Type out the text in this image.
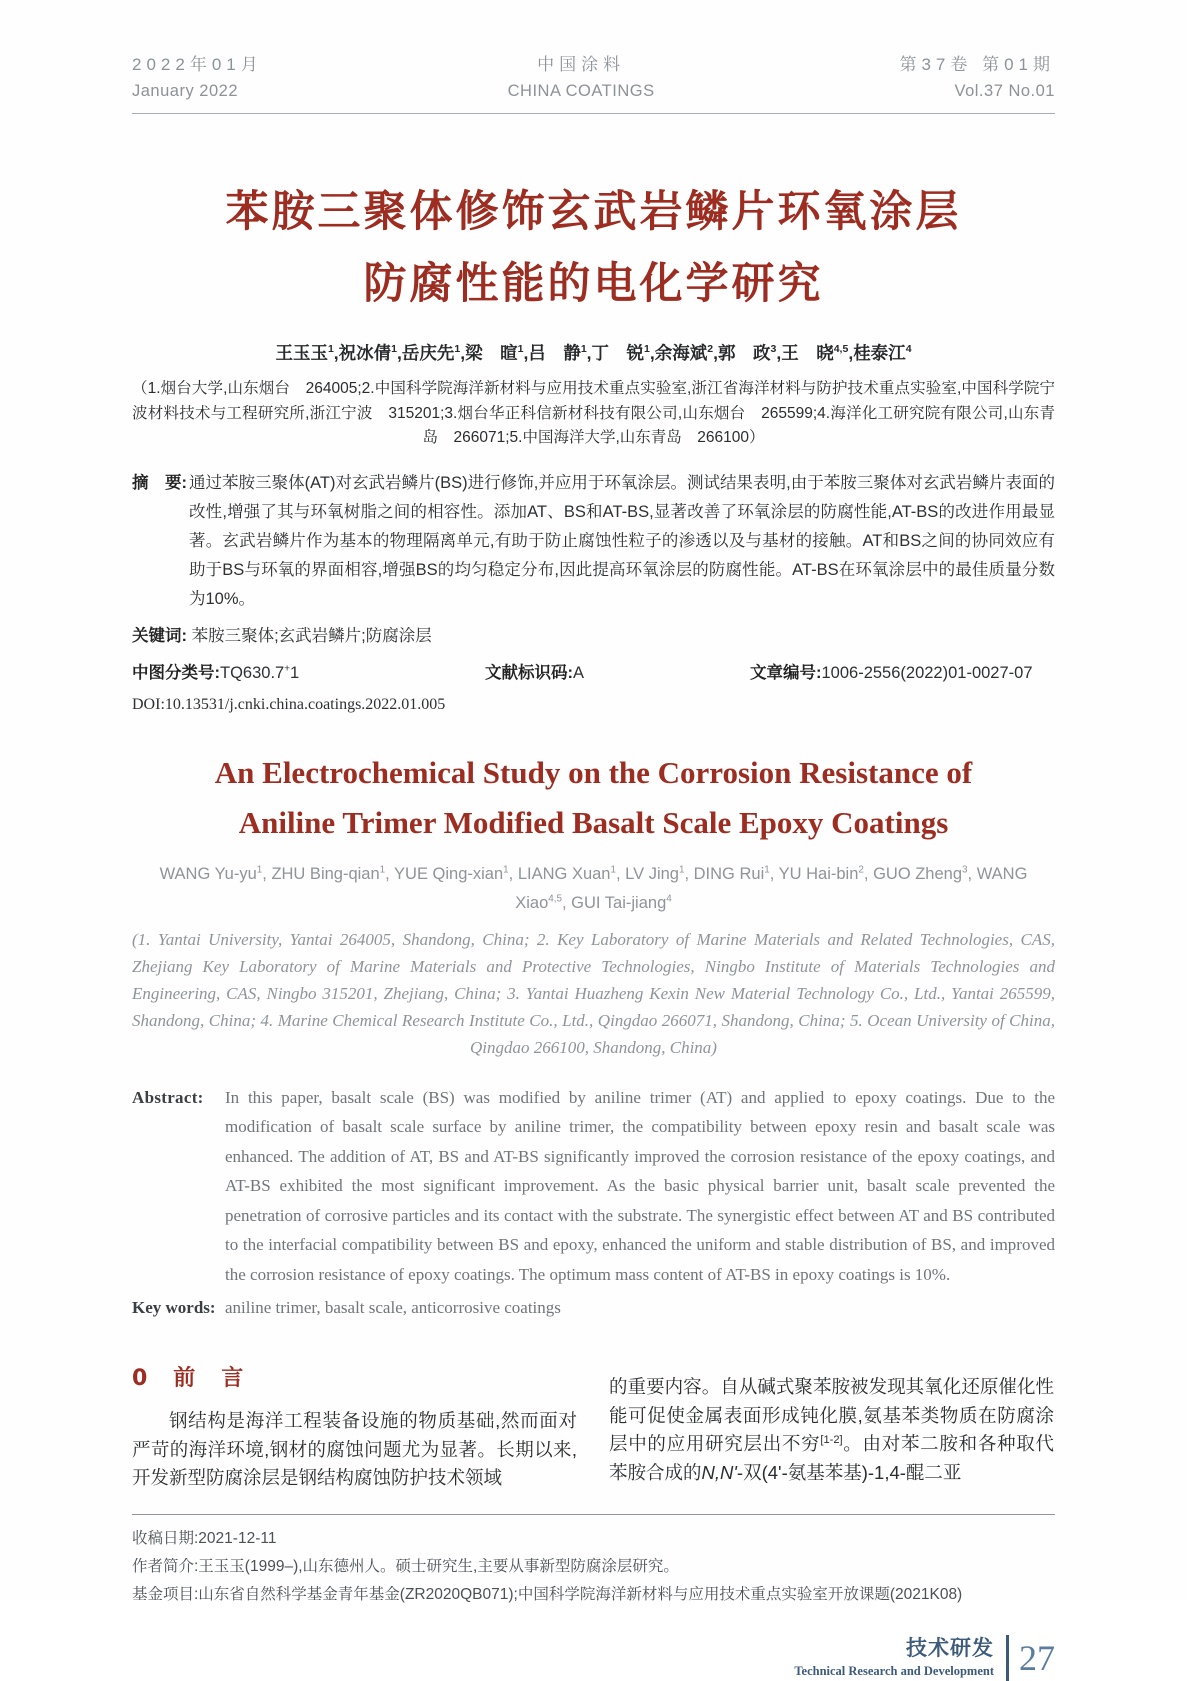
2022年01月
January 2022
中国涂料
CHINA COATINGS
第37卷 第01期
Vol.37 No.01
苯胺三聚体修饰玄武岩鳞片环氧涂层
防腐性能的电化学研究
王玉玉$^1$,祝冰倩$^1$,岳庆先$^1$,梁　暄$^1$,吕　静$^1$,丁　锐$^1$,余海斌$^2$,郭　政$^3$,王　晓$^{4,5}$,桂泰江$^4$
（1.烟台大学,山东烟台　264005;2.中国科学院海洋新材料与应用技术重点实验室,浙江省海洋材料与防护技术重点实验室,中国科学院宁波材料技术与工程研究所,浙江宁波　315201;3.烟台华正科信新材科技有限公司,山东烟台　265599;4.海洋化工研究院有限公司,山东青岛　266071;5.中国海洋大学,山东青岛　266100）
摘　要: 通过苯胺三聚体(AT)对玄武岩鳞片(BS)进行修饰,并应用于环氧涂层。测试结果表明,由于苯胺三聚体对玄武岩鳞片表面的改性,增强了其与环氧树脂之间的相容性。添加AT、BS和AT-BS,显著改善了环氧涂层的防腐性能,AT-BS的改进作用最显著。玄武岩鳞片作为基本的物理隔离单元,有助于防止腐蚀性粒子的渗透以及与基材的接触。AT和BS之间的协同效应有助于BS与环氧的界面相容,增强BS的均匀稳定分布,因此提高环氧涂层的防腐性能。AT-BS在环氧涂层中的最佳质量分数为10%。
关键词: 苯胺三聚体;玄武岩鳞片;防腐涂层
中图分类号:TQ630.7+1	文献标识码:A	文章编号:1006-2556(2022)01-0027-07
DOI:10.13531/j.cnki.china.coatings.2022.01.005
An Electrochemical Study on the Corrosion Resistance of
Aniline Trimer Modified Basalt Scale Epoxy Coatings
WANG $Yu-yu^1$, ZHU Bing-qian$^1$, YUE Qing-xian$^1$, LIANG Xuan$^1$, LV Jing$^1$, DING Rui$^1$, YU Hai-bin$^2$, GUO Zheng$^3$, WANG Xiao$^{4,5}$, GUI Tai-jiang$^4$
(1. Yantai University, Yantai 264005, Shandong, China; 2. Key Laboratory of Marine Materials and Related Technologies, CAS, Zhejiang Key Laboratory of Marine Materials and Protective Technologies, Ningbo Institute of Materials Technologies and Engineering, CAS, Ningbo 315201, Zhejiang, China; 3. Yantai Huazheng Kexin New Material Technology Co., Ltd., Yantai 265599, Shandong, China; 4. Marine Chemical Research Institute Co., Ltd., Qingdao 266071, Shandong, China; 5. Ocean University of China, Qingdao 266100, Shandong, China)
Abstract: In this paper, basalt scale (BS) was modified by aniline trimer (AT) and applied to epoxy coatings. Due to the modification of basalt scale surface by aniline trimer, the compatibility between epoxy resin and basalt scale was enhanced. The addition of AT, BS and AT-BS significantly improved the corrosion resistance of the epoxy coatings, and AT-BS exhibited the most significant improvement. As the basic physical barrier unit, basalt scale prevented the penetration of corrosive particles and its contact with the substrate. The synergistic effect between AT and BS contributed to the interfacial compatibility between BS and epoxy, enhanced the uniform and stable distribution of BS, and improved the corrosion resistance of epoxy coatings. The optimum mass content of AT-BS in epoxy coatings is 10%.
Key words: aniline trimer, basalt scale, anticorrosive coatings
0　前　言

钢结构是海洋工程装备设施的物质基础,然而面对严苛的海洋环境,钢材的腐蚀问题尤为显著。长期以来,开发新型防腐涂层是钢结构腐蚀防护技术领域

的重要内容。自从碱式聚苯胺被发现其氧化还原催化性能可促使金属表面形成钝化膜,氨基苯类物质在防腐涂层中的应用研究层出不穷[1-2]。由对苯二胺和各种取代苯胺合成的N,N'-双(4'-氨基苯基)-1,4-醌二亚

收稿日期:2021-12-11
作者简介:王玉玉(1999–),山东德州人。硕士研究生,主要从事新型防腐涂层研究。
基金项目:山东省自然科学基金青年基金(ZR2020QB071);中国科学院海洋新材料与应用技术重点实验室开放课题(2021K08)
技术研发
Technical Research and Development 27
